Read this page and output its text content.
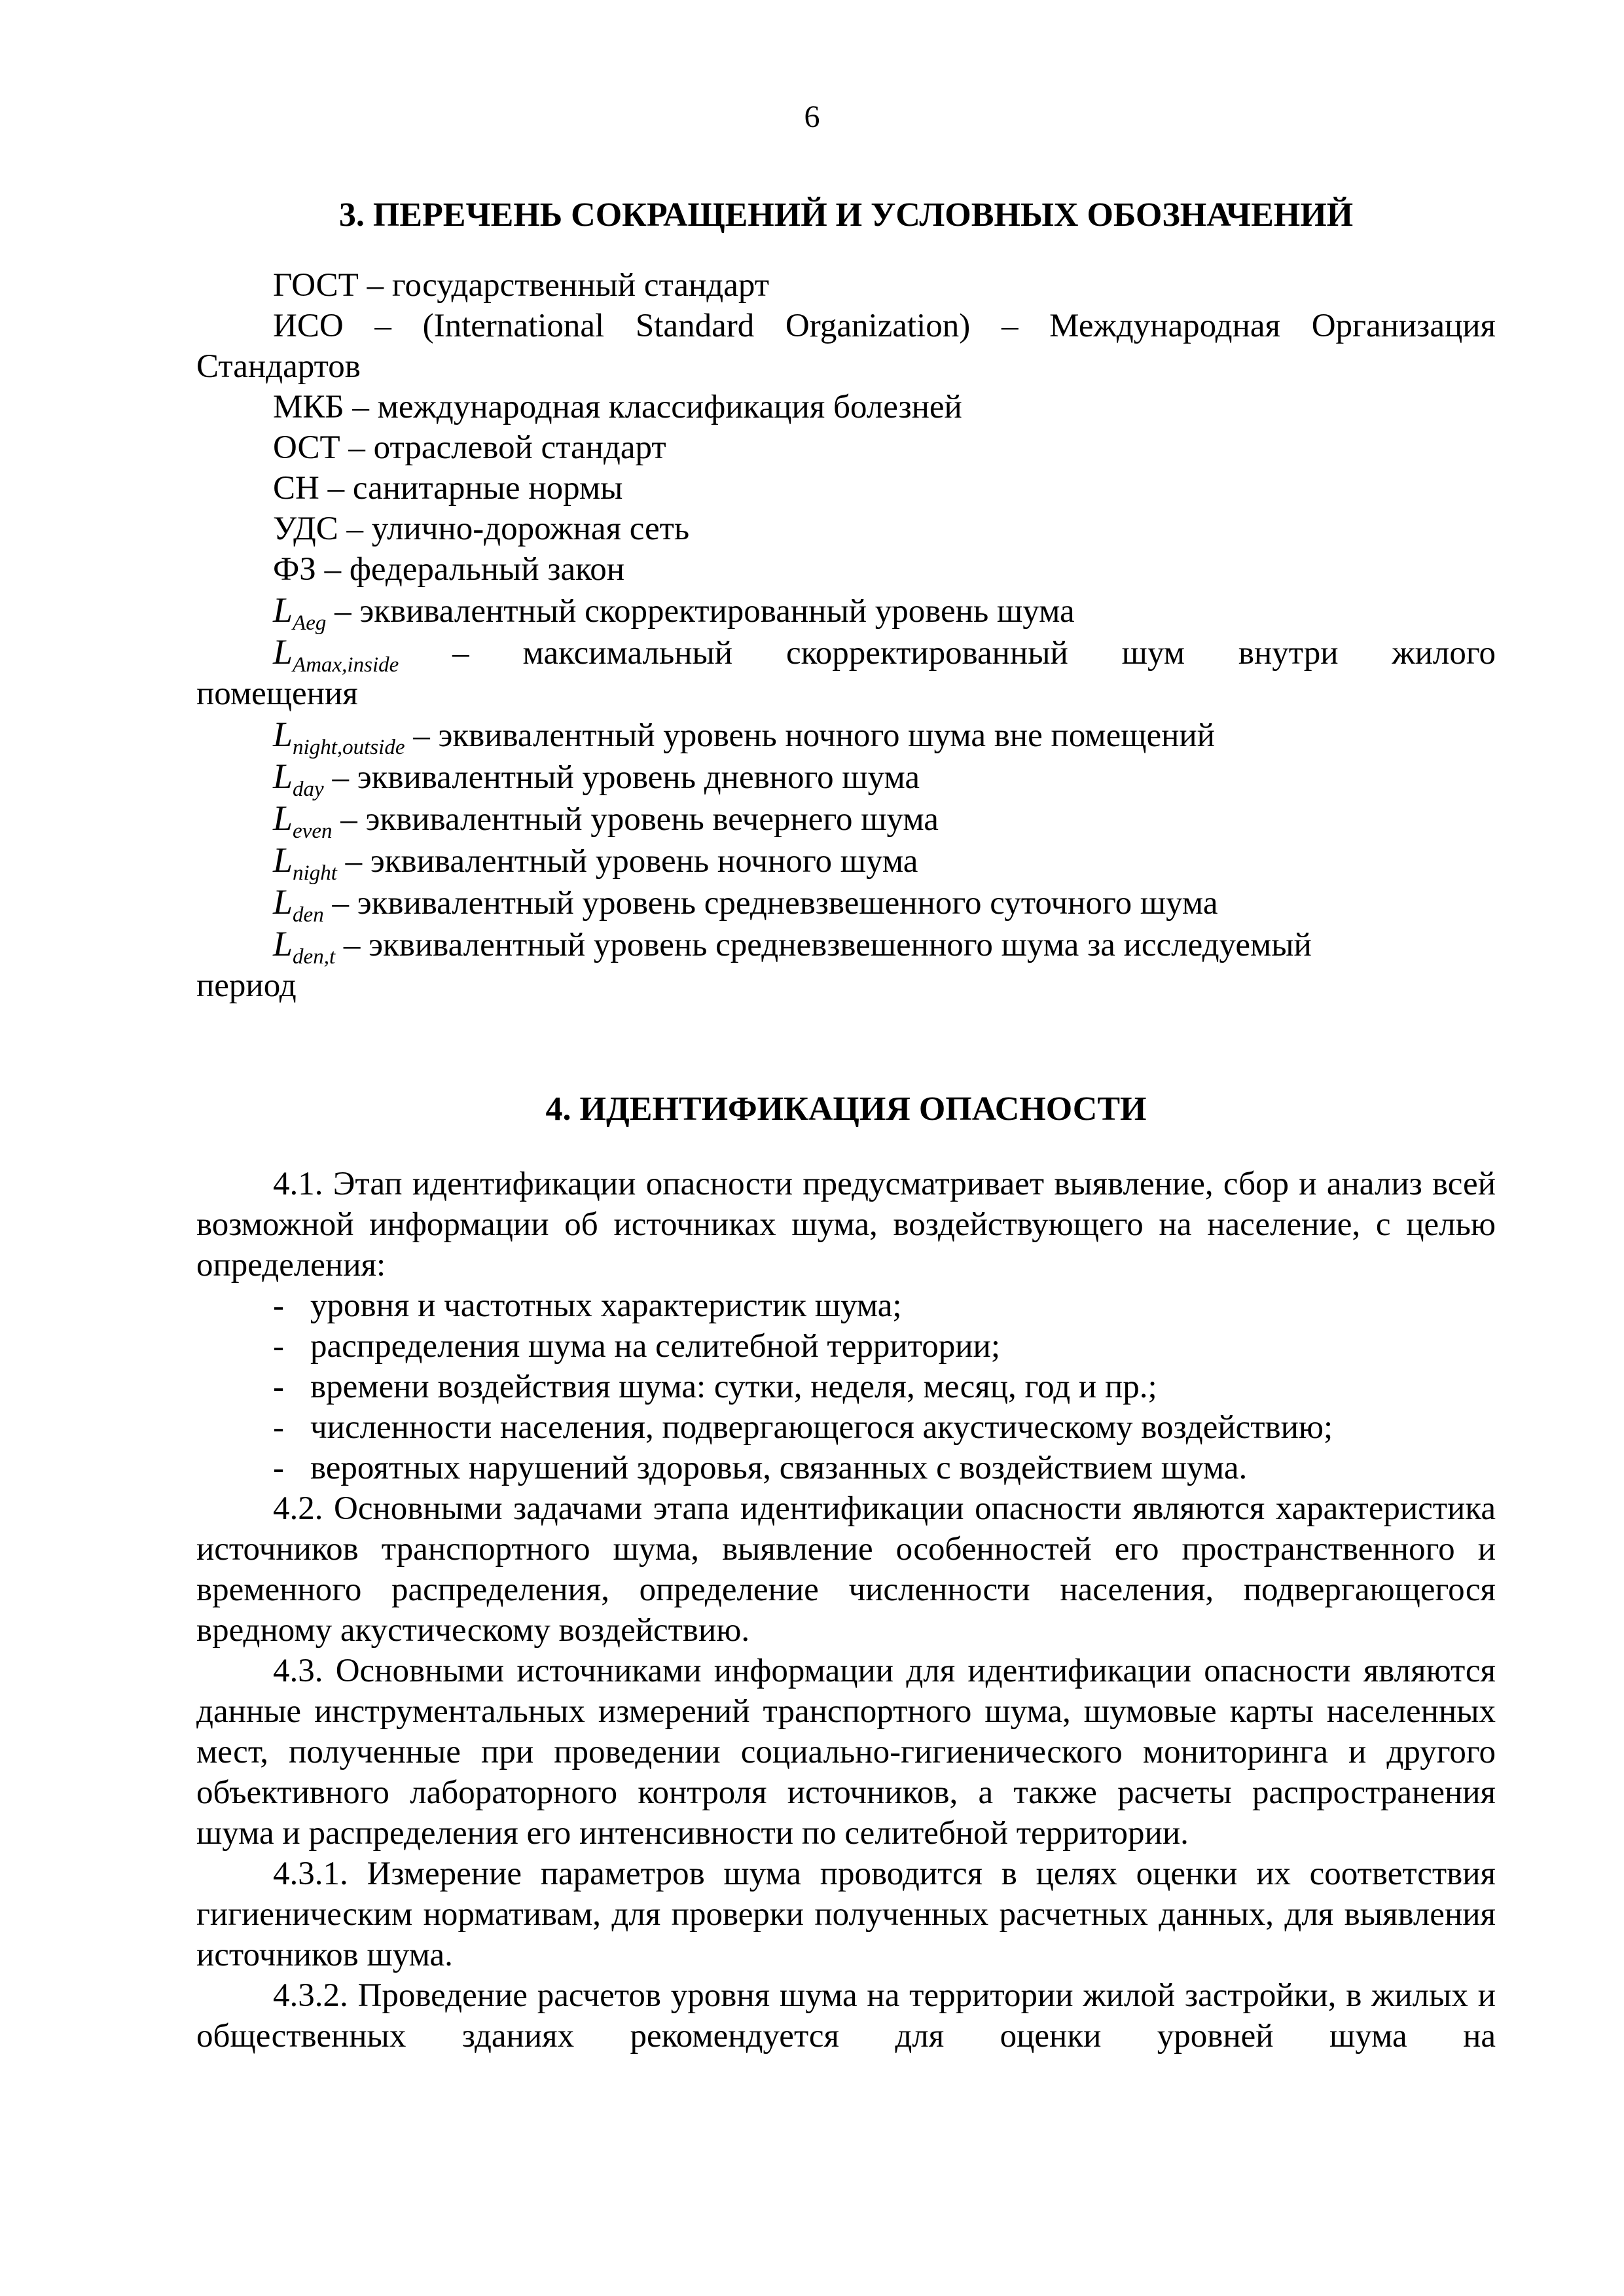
6
3. ПЕРЕЧЕНЬ СОКРАЩЕНИЙ И УСЛОВНЫХ ОБОЗНАЧЕНИЙ

ГОСТ – государственный стандарт

ИСО – (International Standard Organization) – Международная Организация

Стандартов

МКБ – международная классификация болезней

ОСТ – отраслевой стандарт

СН – санитарные нормы

УДС – улично-дорожная сеть

ФЗ – федеральный закон

$L_{Aeg}$ – эквивалентный скорректированный уровень шума

$L_{Amax,inside}$ – максимальный скорректированный шум внутри жилого

помещения

$L_{night,outside}$ – эквивалентный уровень ночного шума вне помещений

$L_{day}$ – эквивалентный уровень дневного шума

$L_{even}$ – эквивалентный уровень вечернего шума

$L_{night}$ – эквивалентный уровень ночного шума

$L_{den}$ – эквивалентный уровень средневзвешенного суточного шума

$L_{den,t}$ – эквивалентный уровень средневзвешенного шума за исследуемый

период

4. ИДЕНТИФИКАЦИЯ ОПАСНОСТИ

4.1. Этап идентификации опасности предусматривает выявление, сбор и анализ всей возможной информации об источниках шума, воздействующего на население, с целью определения:

- уровня и частотных характеристик шума;

- распределения шума на селитебной территории;

- времени воздействия шума: сутки, неделя, месяц, год и пр.;

- численности населения, подвергающегося акустическому воздействию;

- вероятных нарушений здоровья, связанных с воздействием шума.

4.2. Основными задачами этапа идентификации опасности являются характеристика источников транспортного шума, выявление особенностей его пространственного и временного распределения, определение численности населения, подвергающегося вредному акустическому воздействию.

4.3. Основными источниками информации для идентификации опасности являются данные инструментальных измерений транспортного шума, шумовые карты населенных мест, полученные при проведении социально-гигиенического мониторинга и другого объективного лабораторного контроля источников, а также расчеты распространения шума и распределения его интенсивности по селитебной территории.

4.3.1. Измерение параметров шума проводится в целях оценки их соответствия гигиеническим нормативам, для проверки полученных расчетных данных, для выявления источников шума.

4.3.2. Проведение расчетов уровня шума на территории жилой застройки, в жилых и общественных зданиях рекомендуется для оценки уровней шума на
